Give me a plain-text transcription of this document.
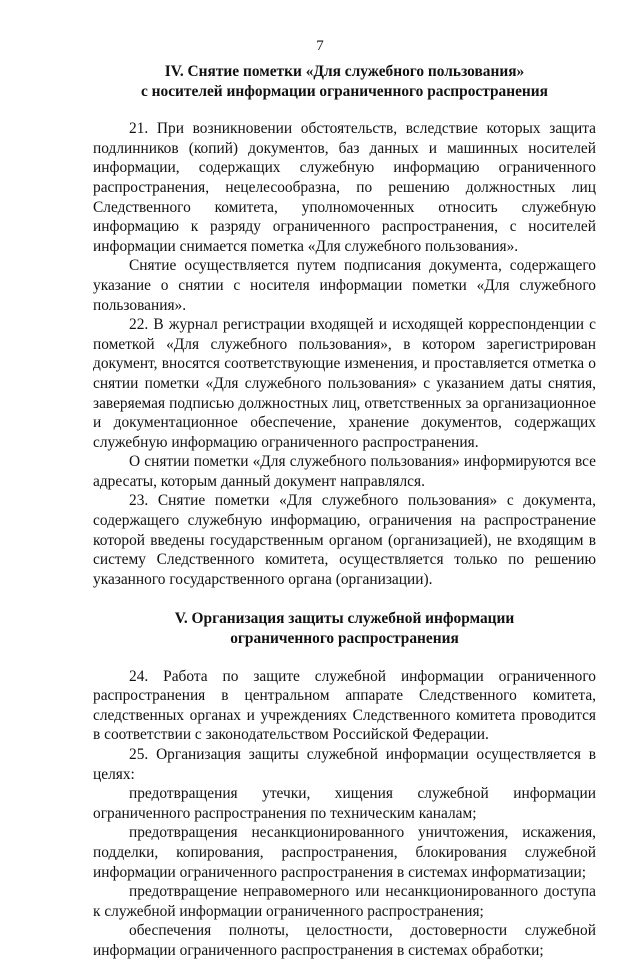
7
IV. Снятие пометки «Для служебного пользования»
с носителей информации ограниченного распространения

21. При возникновении обстоятельств, вследствие которых защита подлинников (копий) документов, баз данных и машинных носителей информации, содержащих служебную информацию ограниченного распространения, нецелесообразна, по решению должностных лиц Следственного комитета, уполномоченных относить служебную информацию к разряду ограниченного распространения, с носителей информации снимается пометка «Для служебного пользования».

Снятие осуществляется путем подписания документа, содержащего указание о снятии с носителя информации пометки «Для служебного пользования».

22. В журнал регистрации входящей и исходящей корреспонденции с пометкой «Для служебного пользования», в котором зарегистрирован документ, вносятся соответствующие изменения, и проставляется отметка о снятии пометки «Для служебного пользования» с указанием даты снятия, заверяемая подписью должностных лиц, ответственных за организационное и документационное обеспечение, хранение документов, содержащих служебную информацию ограниченного распространения.

О снятии пометки «Для служебного пользования» информируются все адресаты, которым данный документ направлялся.

23. Снятие пометки «Для служебного пользования» с документа, содержащего служебную информацию, ограничения на распространение которой введены государственным органом (организацией), не входящим в систему Следственного комитета, осуществляется только по решению указанного государственного органа (организации).

V. Организация защиты служебной информации
ограниченного распространения

24. Работа по защите служебной информации ограниченного распространения в центральном аппарате Следственного комитета, следственных органах и учреждениях Следственного комитета проводится в соответствии с законодательством Российской Федерации.

25. Организация защиты служебной информации осуществляется в целях:

предотвращения утечки, хищения служебной информации ограниченного распространения по техническим каналам;

предотвращения несанкционированного уничтожения, искажения, подделки, копирования, распространения, блокирования служебной информации ограниченного распространения в системах информатизации;

предотвращение неправомерного или несанкционированного доступа к служебной информации ограниченного распространения;

обеспечения полноты, целостности, достоверности служебной информации ограниченного распространения в системах обработки;
